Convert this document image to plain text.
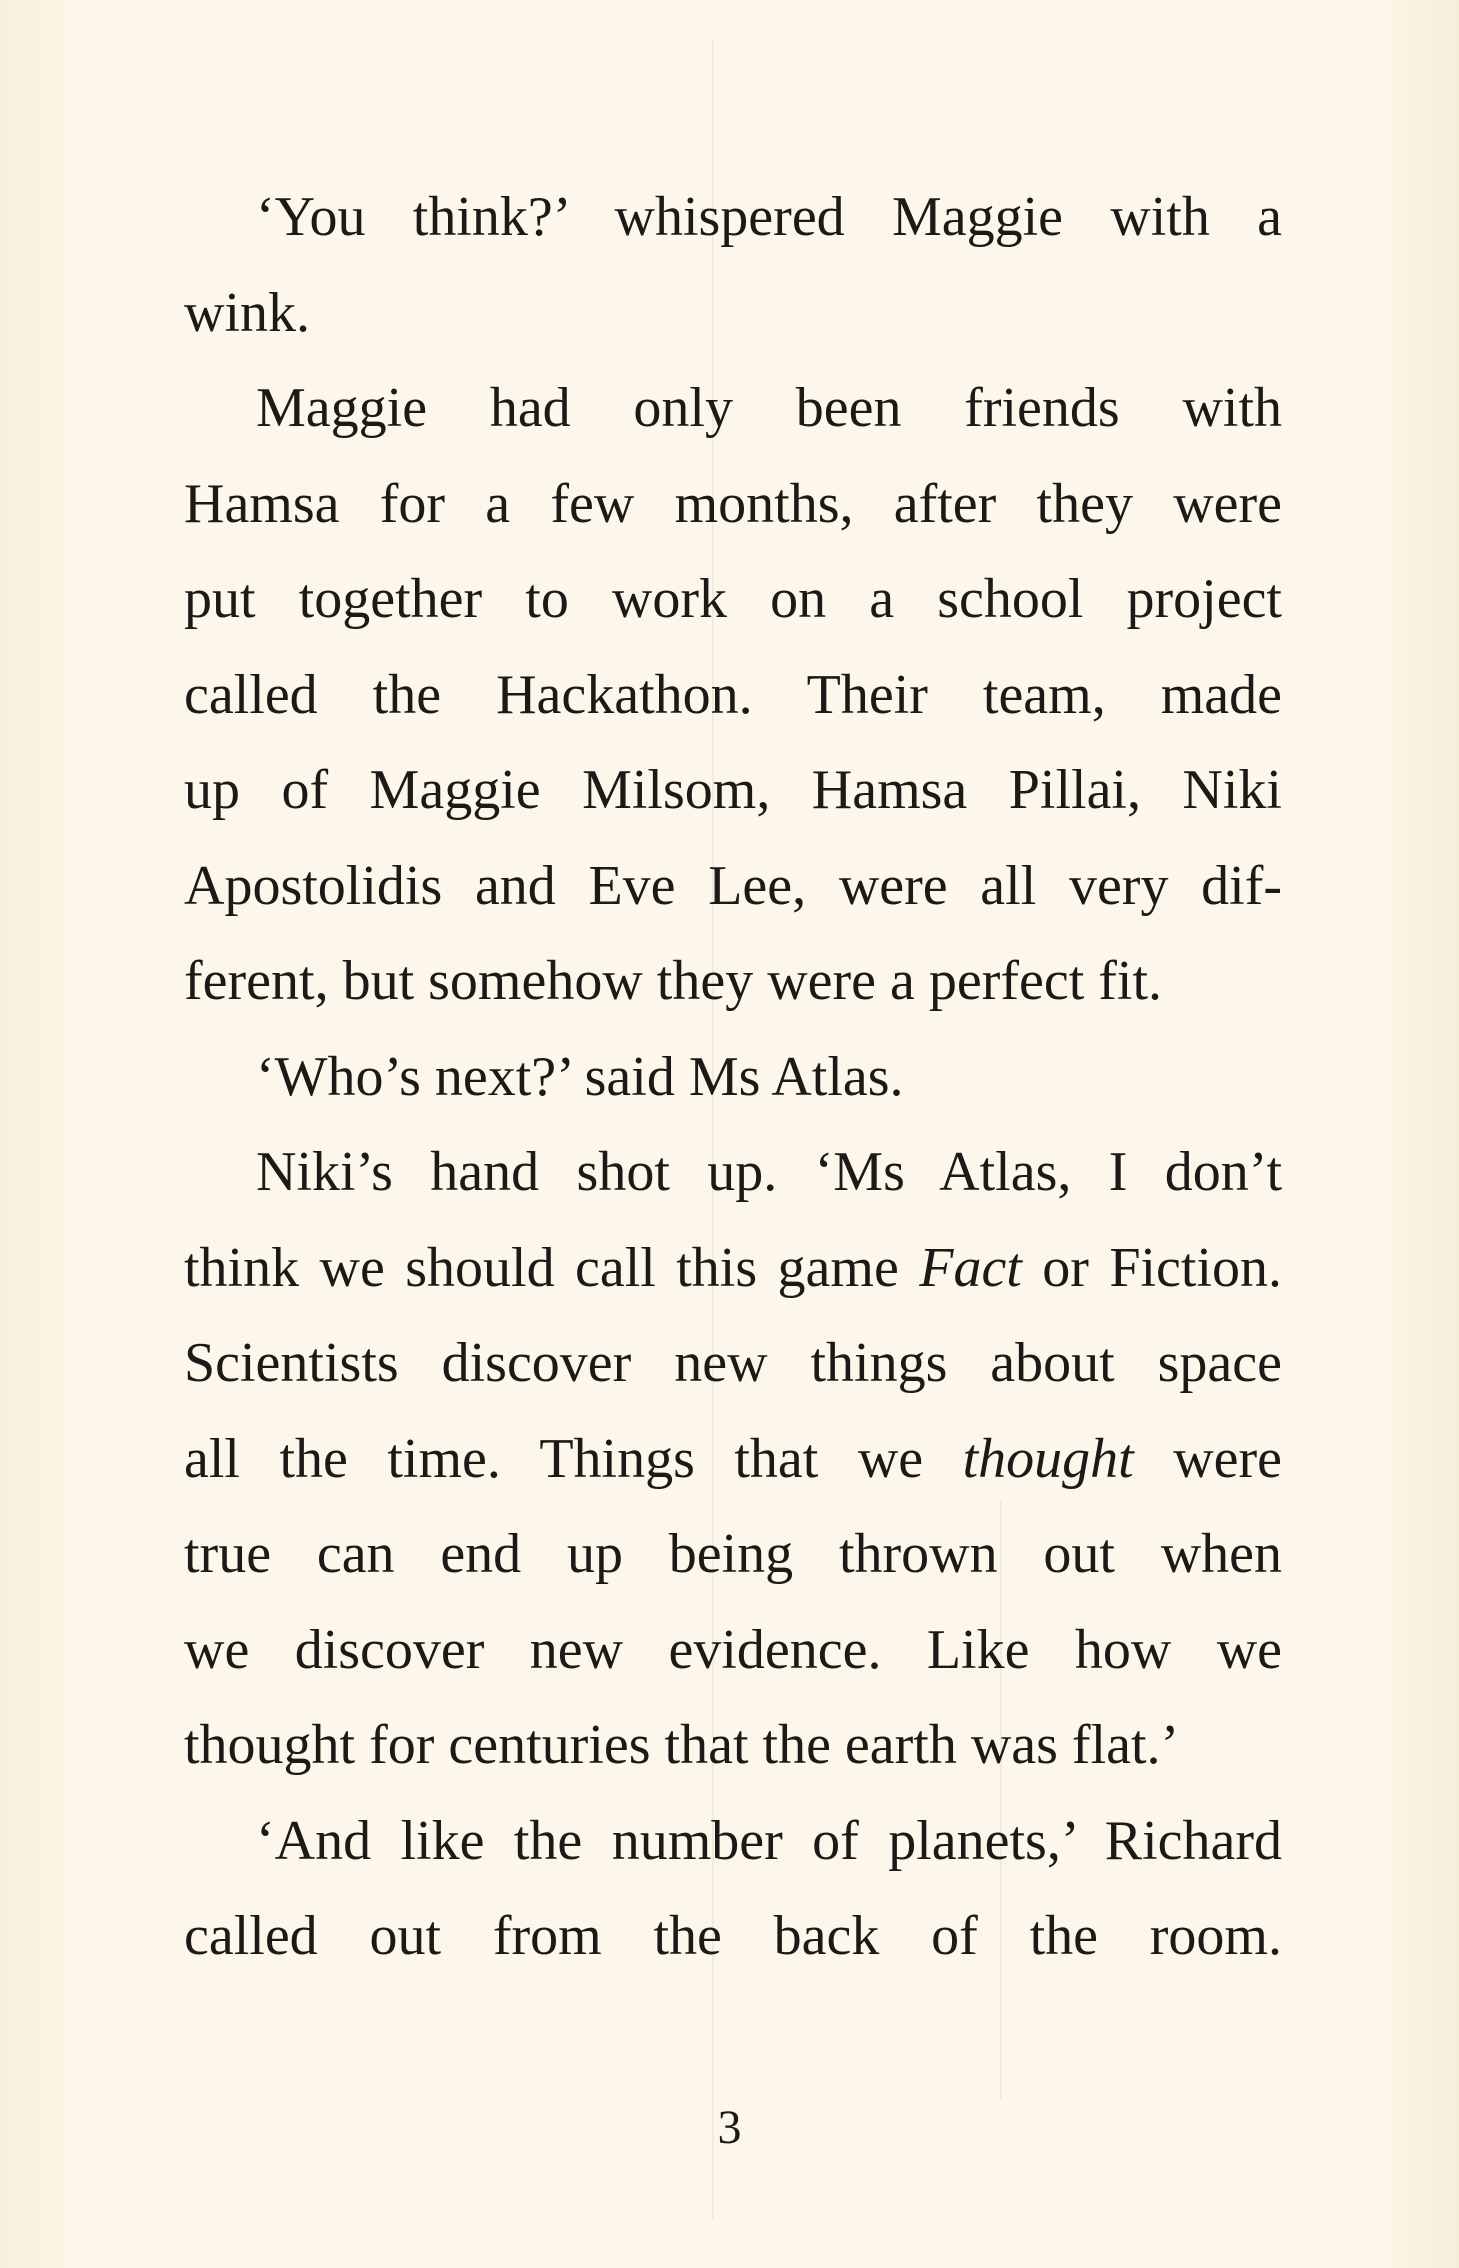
‘You think?’ whispered Maggie with a
wink.
Maggie had only been friends with
Hamsa for a few months, after they were
put together to work on a school project
called the Hackathon. Their team, made
up of Maggie Milsom, Hamsa Pillai, Niki
Apostolidis and Eve Lee, were all very dif-
ferent, but somehow they were a perfect fit.
‘Who’s next?’ said Ms Atlas.
Niki’s hand shot up. ‘Ms Atlas, I don’t
think we should call this game Fact or Fiction.
Scientists discover new things about space
all the time. Things that we thought were
true can end up being thrown out when
we discover new evidence. Like how we
thought for centuries that the earth was flat.’
‘And like the number of planets,’ Richard
called out from the back of the room.
3
